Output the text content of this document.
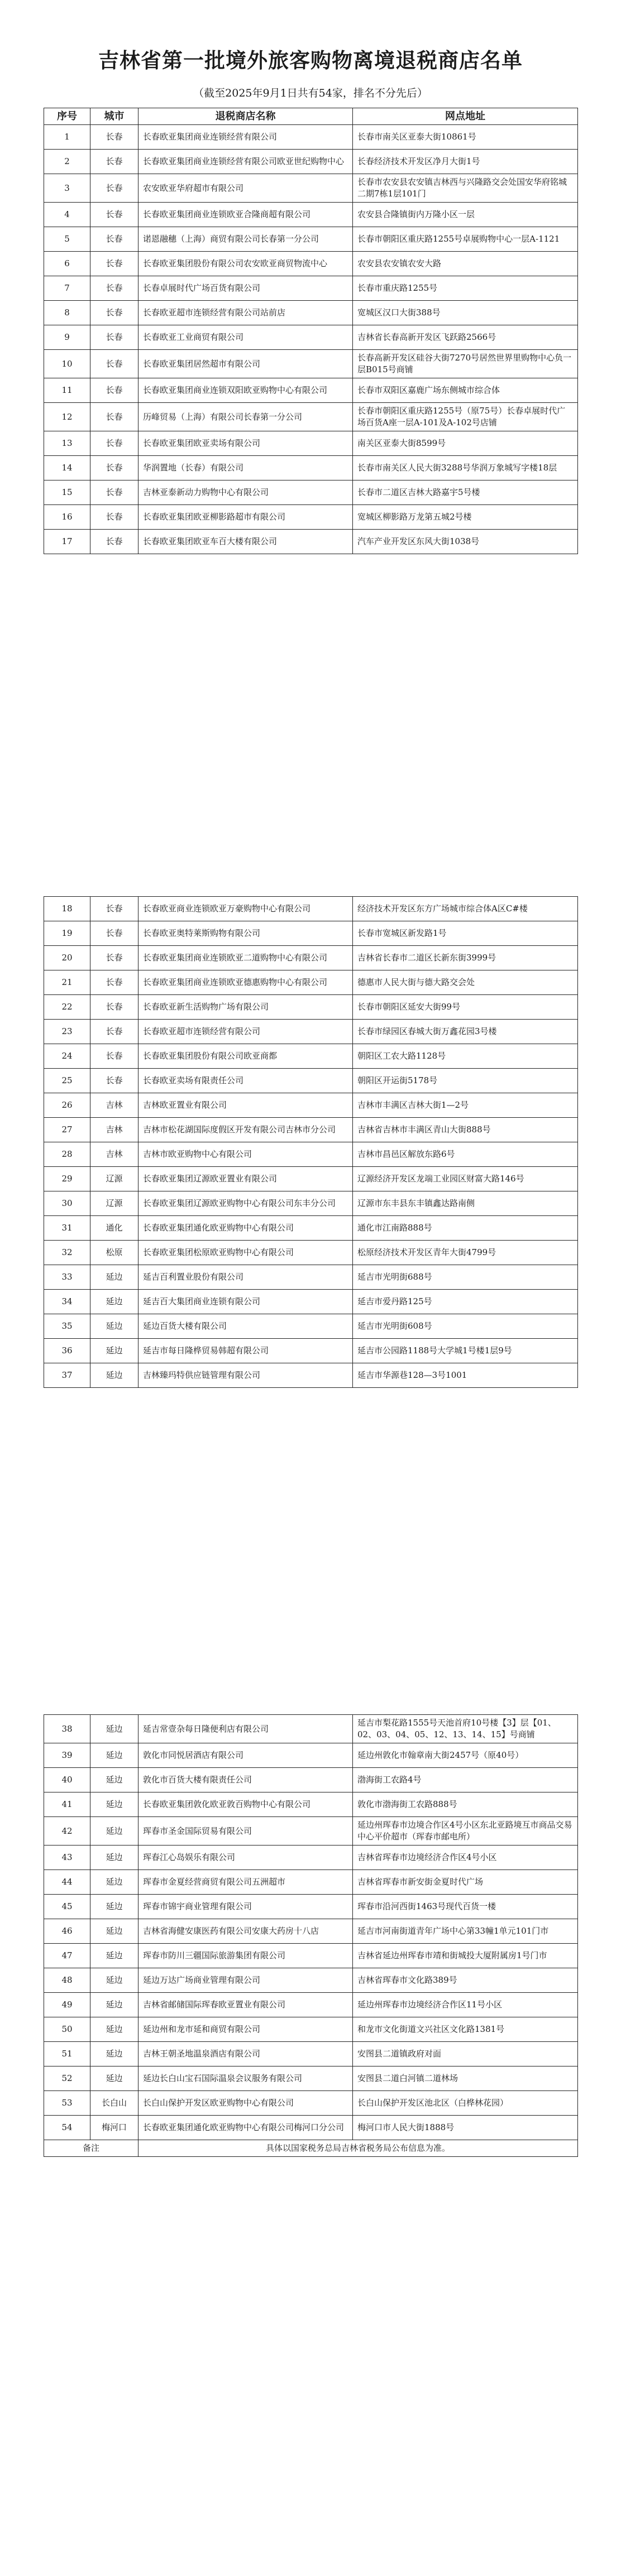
吉林省第一批境外旅客购物离境退税商店名单
（截至2025年9月1日共有54家，排名不分先后）
序号	城市	退税商店名称	网点地址
1	长春	长春欧亚集团商业连锁经营有限公司	长春市南关区亚泰大街10861号
2	长春	长春欧亚集团商业连锁经营有限公司欧亚世纪购物中心	长春经济技术开发区净月大街1号
3	长春	农安欧亚华府超市有限公司	长春市农安县农安镇吉林西与兴隆路交会处国安华府铭城二期7栋1层101门
4	长春	长春欧亚集团商业连锁欧亚合隆商超有限公司	农安县合隆镇街内万隆小区一层
5	长春	诺恩融穗（上海）商贸有限公司长春第一分公司	长春市朝阳区重庆路1255号卓展购物中心一层A-1121
6	长春	长春欧亚集团股份有限公司农安欧亚商贸物流中心	农安县农安镇农安大路
7	长春	长春卓展时代广场百货有限公司	长春市重庆路1255号
8	长春	长春欧亚超市连锁经营有限公司站前店	宽城区汉口大街388号
9	长春	长春欧亚工业商贸有限公司	吉林省长春高新开发区飞跃路2566号
10	长春	长春欧亚集团居然超市有限公司	长春高新开发区硅谷大街7270号居然世界里购物中心负一层B015号商铺
11	长春	长春欧亚集团商业连锁双阳欧亚购物中心有限公司	长春市双阳区嘉鹿广场东侧城市综合体
12	长春	历峰贸易（上海）有限公司长春第一分公司	长春市朝阳区重庆路1255号（原75号）长春卓展时代广场百货A座一层A-101及A-102号店铺
13	长春	长春欧亚集团欧亚卖场有限公司	南关区亚泰大街8599号
14	长春	华润置地（长春）有限公司	长春市南关区人民大街3288号华润万象城写字楼18层
15	长春	吉林亚泰新动力购物中心有限公司	长春市二道区吉林大路嘉宇5号楼
16	长春	长春欧亚集团欧亚柳影路超市有限公司	宽城区柳影路万龙第五城2号楼
17	长春	长春欧亚集团欧亚车百大楼有限公司	汽车产业开发区东风大街1038号
18	长春	长春欧亚商业连锁欧亚万豪购物中心有限公司	经济技术开发区东方广场城市综合体A区C#楼
19	长春	长春欧亚奥特莱斯购物有限公司	长春市宽城区新发路1号
20	长春	长春欧亚集团商业连锁欧亚二道购物中心有限公司	吉林省长春市二道区长新东街3999号
21	长春	长春欧亚集团商业连锁欧亚德惠购物中心有限公司	德惠市人民大街与德大路交会处
22	长春	长春欧亚新生活购物广场有限公司	长春市朝阳区延安大街99号
23	长春	长春欧亚超市连锁经营有限公司	长春市绿园区春城大街万鑫花园3号楼
24	长春	长春欧亚集团股份有限公司欧亚商都	朝阳区工农大路1128号
25	长春	长春欧亚卖场有限责任公司	朝阳区开运街5178号
26	吉林	吉林欧亚置业有限公司	吉林市丰满区吉林大街1—2号
27	吉林	吉林市松花湖国际度假区开发有限公司吉林市分公司	吉林省吉林市丰满区青山大街888号
28	吉林	吉林市欧亚购物中心有限公司	吉林市昌邑区解放东路6号
29	辽源	长春欧亚集团辽源欧亚置业有限公司	辽源经济开发区龙端工业园区财富大路146号
30	辽源	长春欧亚集团辽源欧亚购物中心有限公司东丰分公司	辽源市东丰县东丰镇鑫达路南侧
31	通化	长春欧亚集团通化欧亚购物中心有限公司	通化市江南路888号
32	松原	长春欧亚集团松原欧亚购物中心有限公司	松原经济技术开发区青年大街4799号
33	延边	延吉百利置业股份有限公司	延吉市光明街688号
34	延边	延吉百大集团商业连锁有限公司	延吉市爱丹路125号
35	延边	延边百货大楼有限公司	延吉市光明街608号
36	延边	延吉市每日隆桦贸易韩超有限公司	延吉市公园路1188号大学城1号楼1层9号
37	延边	吉林臻玛特供应链管理有限公司	延吉市华源巷128—3号1001
38	延边	延吉常壹杂每日隆便利店有限公司	延吉市梨花路1555号天池首府10号楼【3】层【01、02、03、04、05、12、13、14、15】号商铺
39	延边	敦化市同悦居酒店有限公司	延边州敦化市翰章南大街2457号（原40号）
40	延边	敦化市百货大楼有限责任公司	渤海街工农路4号
41	延边	长春欧亚集团敦化欧亚敦百购物中心有限公司	敦化市渤海街工农路888号
42	延边	珲春市圣金国际贸易有限公司	延边州珲春市边境合作区4号小区东北亚路境互市商品交易中心平价超市（珲春市邮电所）
43	延边	珲春江心岛娱乐有限公司	吉林省珲春市边境经济合作区4号小区
44	延边	珲春市金夏经营商贸有限公司五洲超市	吉林省珲春市新安街金夏时代广场
45	延边	珲春市锦宇商业管理有限公司	珲春市沿河西街1463号现代百货一楼
46	延边	吉林省海健安康医药有限公司安康大药房十八店	延吉市河南街道青年广场中心第33幢1单元101门市
47	延边	珲春市防川三疆国际旅游集团有限公司	吉林省延边州珲春市靖和街城投大厦附属房1号门市
48	延边	延边万达广场商业管理有限公司	吉林省珲春市文化路389号
49	延边	吉林省邮储国际珲春欧亚置业有限公司	延边州珲春市边境经济合作区11号小区
50	延边	延边州和龙市延和商贸有限公司	和龙市文化街道文兴社区文化路1381号
51	延边	吉林王朝圣地温泉酒店有限公司	安图县二道镇政府对面
52	延边	延边长白山宝石国际温泉会议服务有限公司	安图县二道白河镇二道林场
53	长白山	长白山保护开发区欧亚购物中心有限公司	长白山保护开发区池北区（白桦林花园）
54	梅河口	长春欧亚集团通化欧亚购物中心有限公司梅河口分公司	梅河口市人民大街1888号
备注		具体以国家税务总局吉林省税务局公布信息为准。	
